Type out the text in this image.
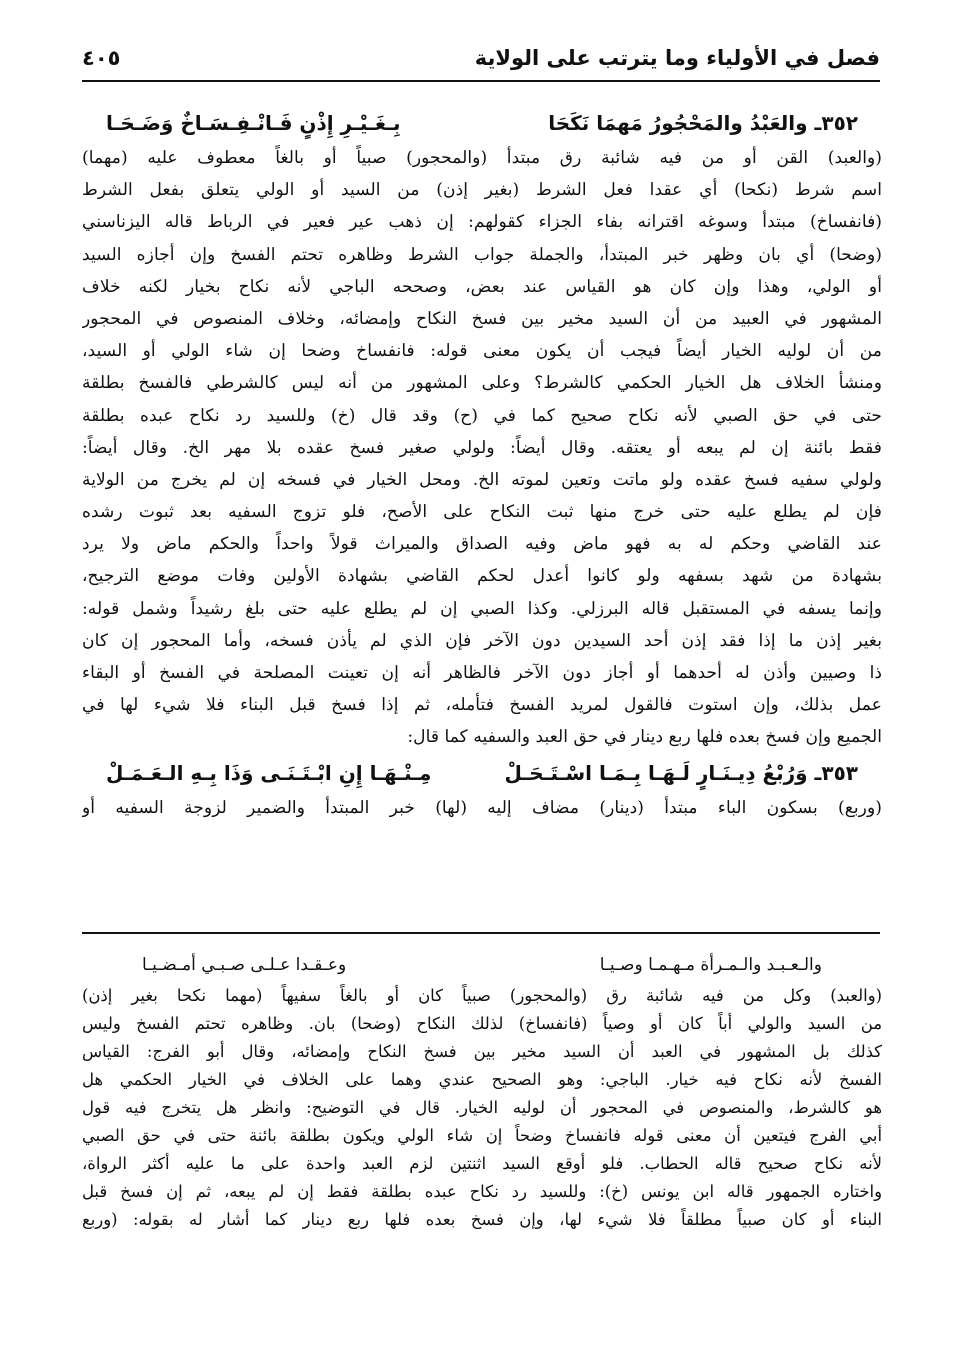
فصل في الأولياء وما يترتب على الولاية
٤٠٥
٣٥٢ـ والعَبْدُ والمَحْجُورُ مَهمَا نَكَحَا
بِـغَـيْـرِ إِذْنٍ فَـانْـفِـسَـاخٌ وَضَـحَـا
(والعبد) القن أو من فيه شائبة رق مبتدأ (والمحجور) صبياً أو بالغاً معطوف عليه (مهما)
اسم شرط (نكحا) أي عقدا فعل الشرط (بغير إذن) من السيد أو الولي يتعلق بفعل الشرط
(فانفساخ) مبتدأ وسوغه اقترانه بفاء الجزاء كقولهم: إن ذهب عير فعير في الرباط قاله اليزناسني
(وضحا) أي بان وظهر خبر المبتدأ، والجملة جواب الشرط وظاهره تحتم الفسخ وإن أجازه السيد
أو الولي، وهذا وإن كان هو القياس عند بعض، وصححه الباجي لأنه نكاح بخيار لكنه خلاف
المشهور في العبيد من أن السيد مخير بين فسخ النكاح وإمضائه، وخلاف المنصوص في المحجور
من أن لوليه الخيار أيضاً فيجب أن يكون معنى قوله: فانفساخ وضحا إن شاء الولي أو السيد،
ومنشأ الخلاف هل الخيار الحكمي كالشرط؟ وعلى المشهور من أنه ليس كالشرطي فالفسخ بطلقة
حتى في حق الصبي لأنه نكاح صحيح كما في (ح) وقد قال (خ) وللسيد رد نكاح عبده بطلقة
فقط بائنة إن لم يبعه أو يعتقه. وقال أيضاً: ولولي صغير فسخ عقده بلا مهر الخ. وقال أيضاً:
ولولي سفيه فسخ عقده ولو ماتت وتعين لموته الخ. ومحل الخيار في فسخه إن لم يخرج من الولاية
فإن لم يطلع عليه حتى خرج منها ثبت النكاح على الأصح، فلو تزوج السفيه بعد ثبوت رشده
عند القاضي وحكم له به فهو ماض وفيه الصداق والميراث قولاً واحداً والحكم ماض ولا يرد
بشهادة من شهد بسفهه ولو كانوا أعدل لحكم القاضي بشهادة الأولين وفات موضع الترجيح،
وإنما يسفه في المستقبل قاله البرزلي. وكذا الصبي إن لم يطلع عليه حتى بلغ رشيداً وشمل قوله:
بغير إذن ما إذا فقد إذن أحد السيدين دون الآخر فإن الذي لم يأذن فسخه، وأما المحجور إن كان
ذا وصيين وأذن له أحدهما أو أجاز دون الآخر فالظاهر أنه إن تعينت المصلحة في الفسخ أو البقاء
عمل بذلك، وإن استوت فالقول لمريد الفسخ فتأمله، ثم إذا فسخ قبل البناء فلا شيء لها في
الجميع وإن فسخ بعده فلها ربع دينار في حق العبد والسفيه كما قال:
٣٥٣ـ وَرُبْعُ دِيـنَـارٍ لَـهَـا بِـمَـا اسْـتَـحَـلْ
مِـنْـهَـا إِنِ ابْـتَـنَـى وَذَا بِـهِ الـعَـمَـلْ
(وربع) بسكون الباء مبتدأ (دينار) مضاف إليه (لها) خبر المبتدأ والضمير لزوجة السفيه أو
والـعـبـد والـمـرأة مـهـمـا وصـيـا
وعـقـدا عـلـى صـبـي أمـضـيـا
(والعبد) وكل من فيه شائبة رق (والمحجور) صبياً كان أو بالغاً سفيهاً (مهما نكحا بغير إذن)
من السيد والولي أباً كان أو وصياً (فانفساخ) لذلك النكاح (وضحا) بان. وظاهره تحتم الفسخ وليس
كذلك بل المشهور في العبد أن السيد مخير بين فسخ النكاح وإمضائه، وقال أبو الفرج: القياس
الفسخ لأنه نكاح فيه خيار. الباجي: وهو الصحيح عندي وهما على الخلاف في الخيار الحكمي هل
هو كالشرط، والمنصوص في المحجور أن لوليه الخيار. قال في التوضيح: وانظر هل يتخرج فيه قول
أبي الفرج فيتعين أن معنى قوله فانفساخ وضحاً إن شاء الولي ويكون بطلقة بائنة حتى في حق الصبي
لأنه نكاح صحيح قاله الحطاب. فلو أوقع السيد اثنتين لزم العبد واحدة على ما عليه أكثر الرواة،
واختاره الجمهور قاله ابن يونس (خ): وللسيد رد نكاح عبده بطلقة فقط إن لم يبعه، ثم إن فسخ قبل
البناء أو كان صبياً مطلقاً فلا شيء لها، وإن فسخ بعده فلها ربع دينار كما أشار له بقوله: (وربع
